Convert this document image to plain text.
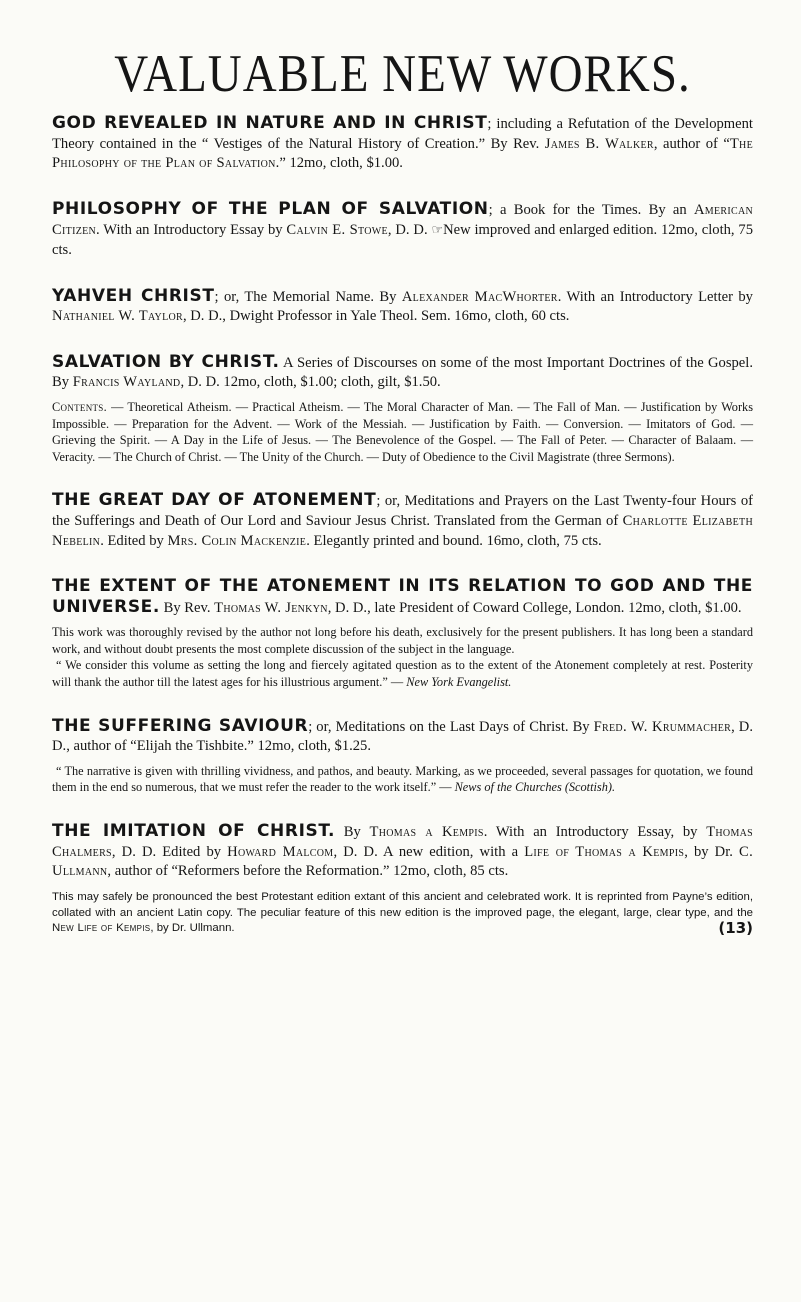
VALUABLE NEW WORKS.

GOD REVEALED IN NATURE AND IN CHRIST; including a Refutation of the Development Theory contained in the “ Vestiges of the Natural History of Creation.” By Rev. James B. Walker, author of “The Philosophy of the Plan of Salvation.” 12mo, cloth, $1.00.

PHILOSOPHY OF THE PLAN OF SALVATION; a Book for the Times. By an American Citizen. With an Introductory Essay by Calvin E. Stowe, D. D. ☞New improved and enlarged edition. 12mo, cloth, 75 cts.

YAHVEH CHRIST; or, The Memorial Name. By Alexander MacWhorter. With an Introductory Letter by Nathaniel W. Taylor, D. D., Dwight Professor in Yale Theol. Sem. 16mo, cloth, 60 cts.

SALVATION BY CHRIST. A Series of Discourses on some of the most Important Doctrines of the Gospel. By Francis Wayland, D. D. 12mo, cloth, $1.00; cloth, gilt, $1.50.

Contents. — Theoretical Atheism. — Practical Atheism. — The Moral Character of Man. — The Fall of Man. — Justification by Works Impossible. — Preparation for the Advent. — Work of the Messiah. — Justification by Faith. — Conversion. — Imitators of God. — Grieving the Spirit. — A Day in the Life of Jesus. — The Benevolence of the Gospel. — The Fall of Peter. — Character of Balaam. — Veracity. — The Church of Christ. — The Unity of the Church. — Duty of Obedience to the Civil Magistrate (three Sermons).

THE GREAT DAY OF ATONEMENT; or, Meditations and Prayers on the Last Twenty-four Hours of the Sufferings and Death of Our Lord and Saviour Jesus Christ. Translated from the German of Charlotte Elizabeth Nebelin. Edited by Mrs. Colin Mackenzie. Elegantly printed and bound. 16mo, cloth, 75 cts.

THE EXTENT OF THE ATONEMENT IN ITS RELATION TO GOD AND THE UNIVERSE. By Rev. Thomas W. Jenkyn, D. D., late President of Coward College, London. 12mo, cloth, $1.00.

This work was thoroughly revised by the author not long before his death, exclusively for the present publishers. It has long been a standard work, and without doubt presents the most complete discussion of the subject in the language.

“ We consider this volume as setting the long and fiercely agitated question as to the extent of the Atonement completely at rest. Posterity will thank the author till the latest ages for his illustrious argument.” — New York Evangelist.

THE SUFFERING SAVIOUR; or, Meditations on the Last Days of Christ. By Fred. W. Krummacher, D. D., author of “Elijah the Tishbite.” 12mo, cloth, $1.25.

“ The narrative is given with thrilling vividness, and pathos, and beauty. Marking, as we proceeded, several passages for quotation, we found them in the end so numerous, that we must refer the reader to the work itself.” — News of the Churches (Scottish).

THE IMITATION OF CHRIST. By Thomas a Kempis. With an Introductory Essay, by Thomas Chalmers, D. D. Edited by Howard Malcom, D. D. A new edition, with a Life of Thomas a Kempis, by Dr. C. Ullmann, author of “Reformers before the Reformation.” 12mo, cloth, 85 cts.

This may safely be pronounced the best Protestant edition extant of this ancient and celebrated work. It is reprinted from Payne’s edition, collated with an ancient Latin copy. The peculiar feature of this new edition is the improved page, the elegant, large, clear type, and the New Life of Kempis, by Dr. Ullmann.	(13)
